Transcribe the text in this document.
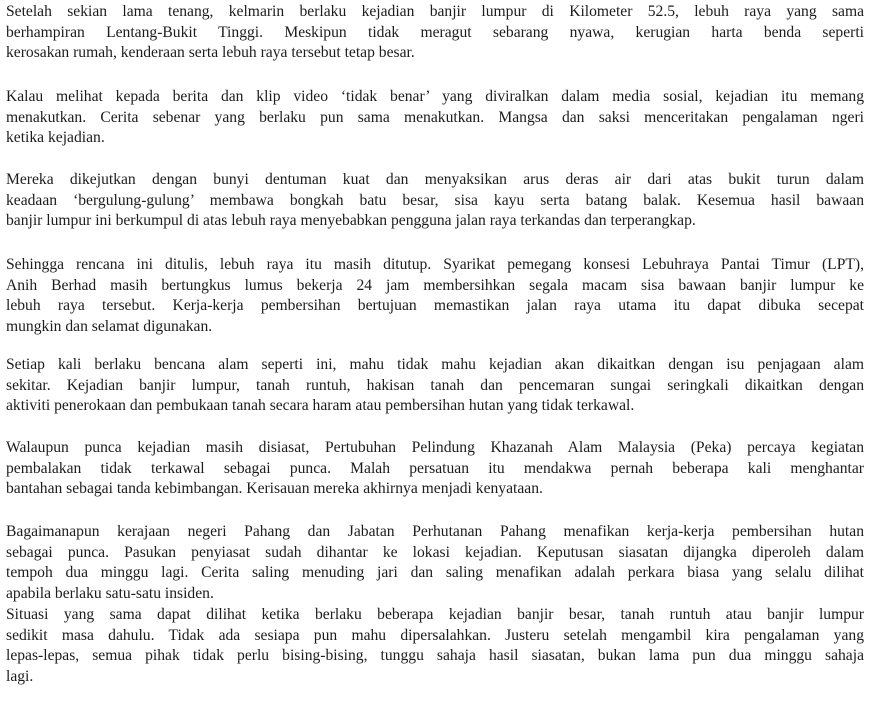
Setelah sekian lama tenang, kelmarin berlaku kejadian banjir lumpur di Kilometer 52.5, lebuh raya yang sama
berhampiran Lentang-Bukit Tinggi. Meskipun tidak meragut sebarang nyawa, kerugian harta benda seperti
kerosakan rumah, kenderaan serta lebuh raya tersebut tetap besar.
Kalau melihat kepada berita dan klip video ‘tidak benar’ yang diviralkan dalam media sosial, kejadian itu memang
menakutkan. Cerita sebenar yang berlaku pun sama menakutkan. Mangsa dan saksi menceritakan pengalaman ngeri
ketika kejadian.
Mereka dikejutkan dengan bunyi dentuman kuat dan menyaksikan arus deras air dari atas bukit turun dalam
keadaan ‘bergulung-gulung’ membawa bongkah batu besar, sisa kayu serta batang balak. Kesemua hasil bawaan
banjir lumpur ini berkumpul di atas lebuh raya menyebabkan pengguna jalan raya terkandas dan terperangkap.
Sehingga rencana ini ditulis, lebuh raya itu masih ditutup. Syarikat pemegang konsesi Lebuhraya Pantai Timur (LPT),
Anih Berhad masih bertungkus lumus bekerja 24 jam membersihkan segala macam sisa bawaan banjir lumpur ke
lebuh raya tersebut. Kerja-kerja pembersihan bertujuan memastikan jalan raya utama itu dapat dibuka secepat
mungkin dan selamat digunakan.
Setiap kali berlaku bencana alam seperti ini, mahu tidak mahu kejadian akan dikaitkan dengan isu penjagaan alam
sekitar. Kejadian banjir lumpur, tanah runtuh, hakisan tanah dan pencemaran sungai seringkali dikaitkan dengan
aktiviti penerokaan dan pembukaan tanah secara haram atau pembersihan hutan yang tidak terkawal.
Walaupun punca kejadian masih disiasat, Pertubuhan Pelindung Khazanah Alam Malaysia (Peka) percaya kegiatan
pembalakan tidak terkawal sebagai punca. Malah persatuan itu mendakwa pernah beberapa kali menghantar
bantahan sebagai tanda kebimbangan. Kerisauan mereka akhirnya menjadi kenyataan.
Bagaimanapun kerajaan negeri Pahang dan Jabatan Perhutanan Pahang menafikan kerja-kerja pembersihan hutan
sebagai punca. Pasukan penyiasat sudah dihantar ke lokasi kejadian. Keputusan siasatan dijangka diperoleh dalam
tempoh dua minggu lagi. Cerita saling menuding jari dan saling menafikan adalah perkara biasa yang selalu dilihat
apabila berlaku satu-satu insiden.
Situasi yang sama dapat dilihat ketika berlaku beberapa kejadian banjir besar, tanah runtuh atau banjir lumpur
sedikit masa dahulu. Tidak ada sesiapa pun mahu dipersalahkan. Justeru setelah mengambil kira pengalaman yang
lepas-lepas, semua pihak tidak perlu bising-bising, tunggu sahaja hasil siasatan, bukan lama pun dua minggu sahaja
lagi.
